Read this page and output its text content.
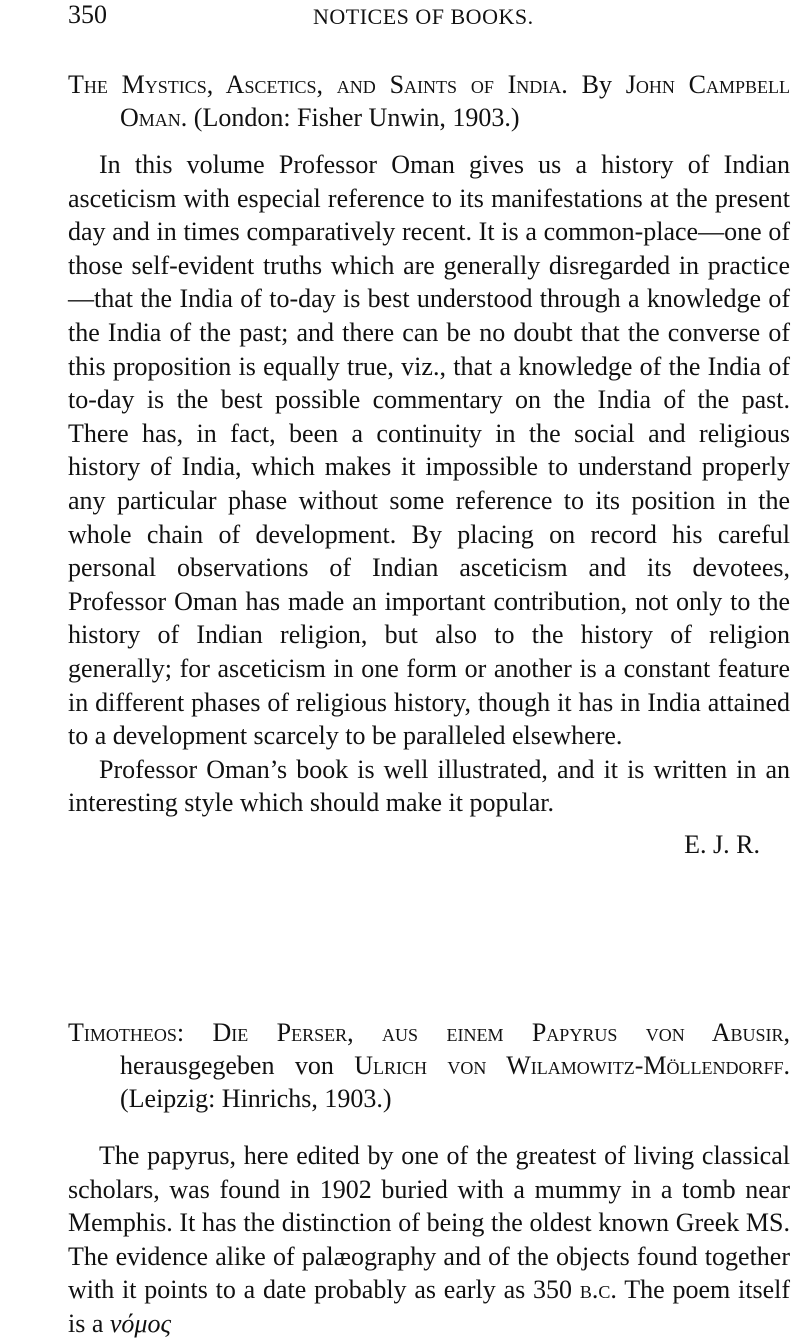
350	NOTICES OF BOOKS.

The Mystics, Ascetics, and Saints of India. By John Campbell Oman. (London: Fisher Unwin, 1903.)

In this volume Professor Oman gives us a history of Indian asceticism with especial reference to its manifestations at the present day and in times comparatively recent. It is a common-place—one of those self-evident truths which are generally disregarded in practice—that the India of to-day is best understood through a knowledge of the India of the past; and there can be no doubt that the converse of this proposition is equally true, viz., that a knowledge of the India of to-day is the best possible commentary on the India of the past. There has, in fact, been a continuity in the social and religious history of India, which makes it impossible to understand properly any particular phase without some reference to its position in the whole chain of development. By placing on record his careful personal observations of Indian asceticism and its devotees, Professor Oman has made an important contribution, not only to the history of Indian religion, but also to the history of religion generally; for asceticism in one form or another is a constant feature in different phases of religious history, though it has in India attained to a development scarcely to be paralleled elsewhere.

Professor Oman’s book is well illustrated, and it is written in an interesting style which should make it popular.

E. J. R.

Timotheos: Die Perser, aus einem Papyrus von Abusir, herausgegeben von Ulrich von Wilamowitz-Möllendorff. (Leipzig: Hinrichs, 1903.)

The papyrus, here edited by one of the greatest of living classical scholars, was found in 1902 buried with a mummy in a tomb near Memphis. It has the distinction of being the oldest known Greek MS. The evidence alike of palæography and of the objects found together with it points to a date probably as early as 350 b.c. The poem itself is a νόμος
